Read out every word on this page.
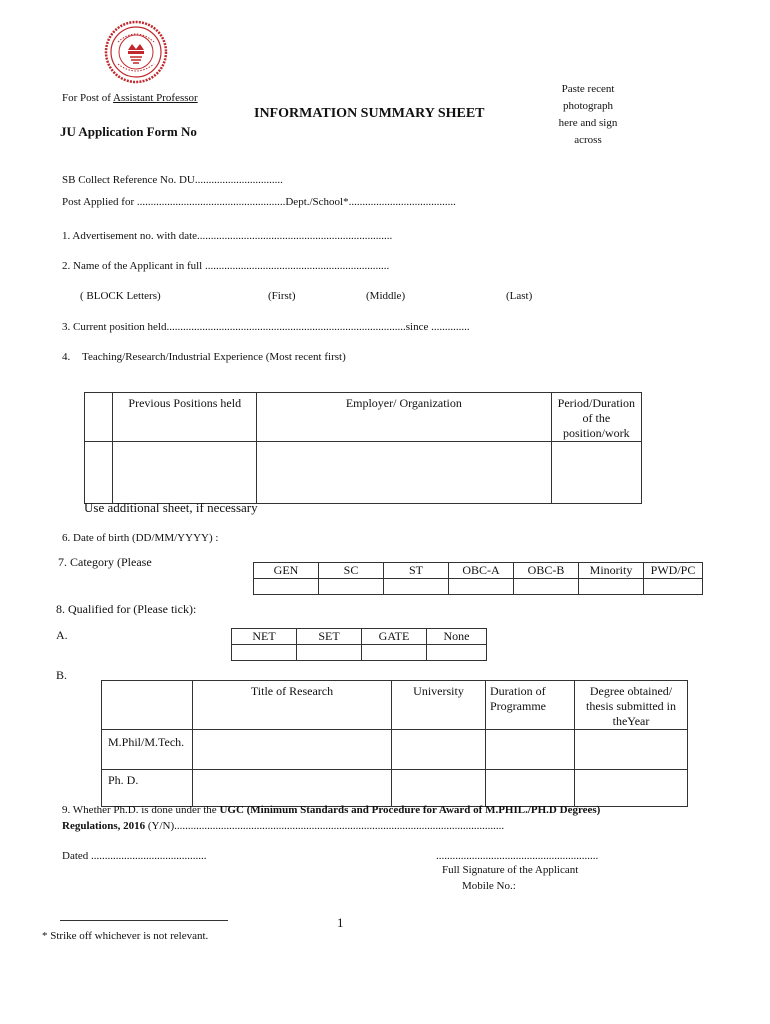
For Post of Assistant Professor
JU Application Form No
INFORMATION SUMMARY SHEET
Paste recent
photograph
here and sign
across
SB Collect Reference No. DU................................
Post Applied for ......................................................Dept./School*.......................................
1. Advertisement no. with date.......................................................................
2. Name of the Applicant in full ...................................................................
( BLOCK Letters)	(First)	(Middle)	(Last)
3. Current position held.......................................................................................since ..............
4. Teaching/Research/Industrial Experience (Most recent first)
	Previous Positions held	Employer/ Organization	Period/Duration of the position/work

Use additional sheet, if necessary
6. Date of birth (DD/MM/YYYY) :
7. Category (Please
GEN	SC	ST	OBC-A	OBC-B	Minority	PWD/PC

8. Qualified for (Please tick):
A.	NET	SET	GATE	None

B.
	Title of Research	University	Duration of Programme	Degree obtained/ thesis submitted in theYear
M.Phil/M.Tech.				
Ph. D.				
9. Whether Ph.D. is done under the UGC (Minimum Standards and Procedure for Award of M.PHIL./PH.D Degrees)
Regulations, 2016 (Y/N)........................................................................................................................
Dated ..........................................	...........................................................
Full Signature of the Applicant
Mobile No.:
1
* Strike off whichever is not relevant.
